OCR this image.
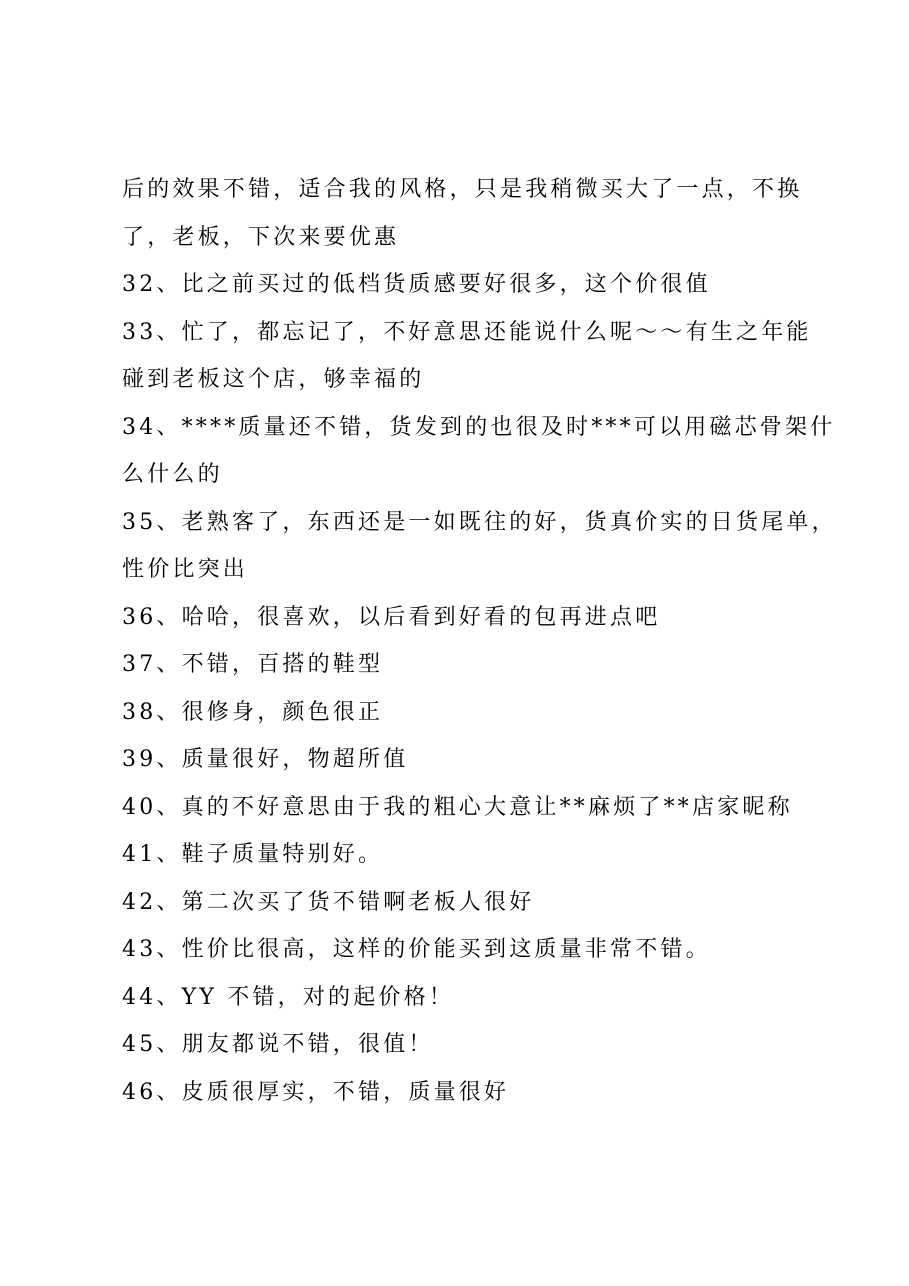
后的效果不错，适合我的风格，只是我稍微买大了一点，不换
了，老板，下次来要优惠
32、比之前买过的低档货质感要好很多，这个价很值
33、忙了，都忘记了，不好意思还能说什么呢～～有生之年能
碰到老板这个店，够幸福的
34、****质量还不错，货发到的也很及时***可以用磁芯骨架什
么什么的
35、老熟客了，东西还是一如既往的好，货真价实的日货尾单，
性价比突出
36、哈哈，很喜欢，以后看到好看的包再进点吧
37、不错，百搭的鞋型
38、很修身，颜色很正
39、质量很好，物超所值
40、真的不好意思由于我的粗心大意让**麻烦了**店家昵称
41、鞋子质量特别好。
42、第二次买了货不错啊老板人很好
43、性价比很高，这样的价能买到这质量非常不错。
44、YY 不错，对的起价格！
45、朋友都说不错，很值！
46、皮质很厚实，不错，质量很好
